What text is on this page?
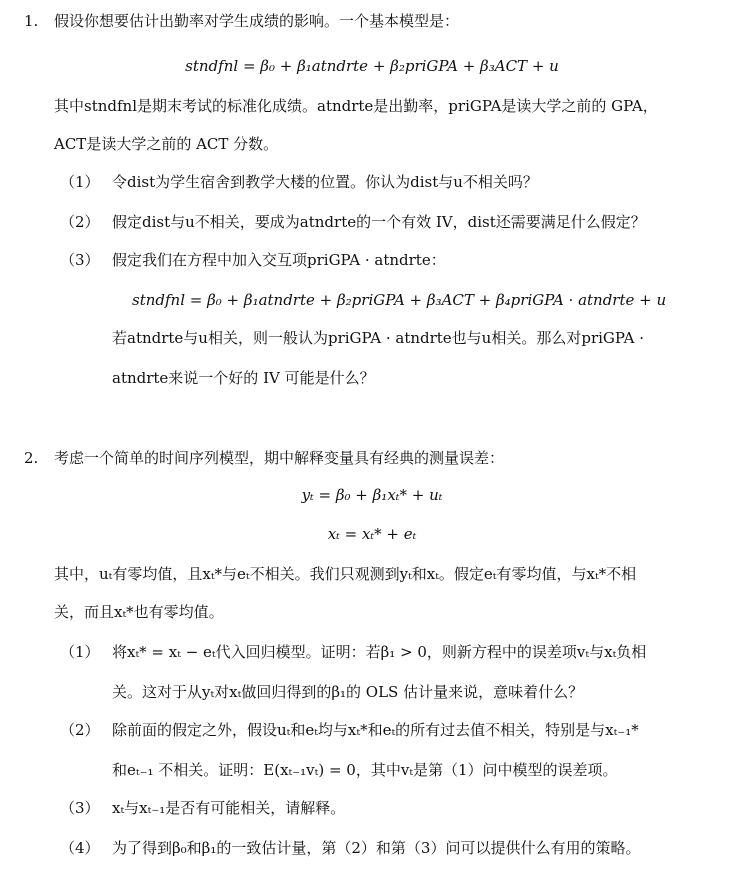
1. 假设你想要估计出勤率对学生成绩的影响。一个基本模型是：
stndfnl = β₀ + β₁atndrte + β₂priGPA + β₃ACT + u
其中stndfnl是期末考试的标准化成绩。atndrte是出勤率，priGPA是读大学之前的 GPA，
ACT是读大学之前的 ACT 分数。
（1） 令dist为学生宿舍到教学大楼的位置。你认为dist与u不相关吗？
（2） 假定dist与u不相关，要成为atndrte的一个有效 IV，dist还需要满足什么假定？
（3） 假定我们在方程中加入交互项priGPA · atndrte：
stndfnl = β₀ + β₁atndrte + β₂priGPA + β₃ACT + β₄priGPA · atndrte + u
若atndrte与u相关，则一般认为priGPA · atndrte也与u相关。那么对priGPA ·
atndrte来说一个好的 IV 可能是什么？
2. 考虑一个简单的时间序列模型，期中解释变量具有经典的测量误差：
yₜ = β₀ + β₁xₜ* + uₜ
xₜ = xₜ* + eₜ
其中，uₜ有零均值，且xₜ*与eₜ不相关。我们只观测到yₜ和xₜ。假定eₜ有零均值，与xₜ*不相
关，而且xₜ*也有零均值。
（1） 将xₜ* = xₜ − eₜ代入回归模型。证明：若β₁ > 0，则新方程中的误差项vₜ与xₜ负相
关。这对于从yₜ对xₜ做回归得到的β₁的 OLS 估计量来说，意味着什么？
（2） 除前面的假定之外，假设uₜ和eₜ均与xₜ*和eₜ的所有过去值不相关，特别是与xₜ₋₁*
和eₜ₋₁ 不相关。证明：E(xₜ₋₁vₜ) = 0，其中vₜ是第（1）问中模型的误差项。
（3） xₜ与xₜ₋₁是否有可能相关，请解释。
（4） 为了得到β₀和β₁的一致估计量，第（2）和第（3）问可以提供什么有用的策略。
